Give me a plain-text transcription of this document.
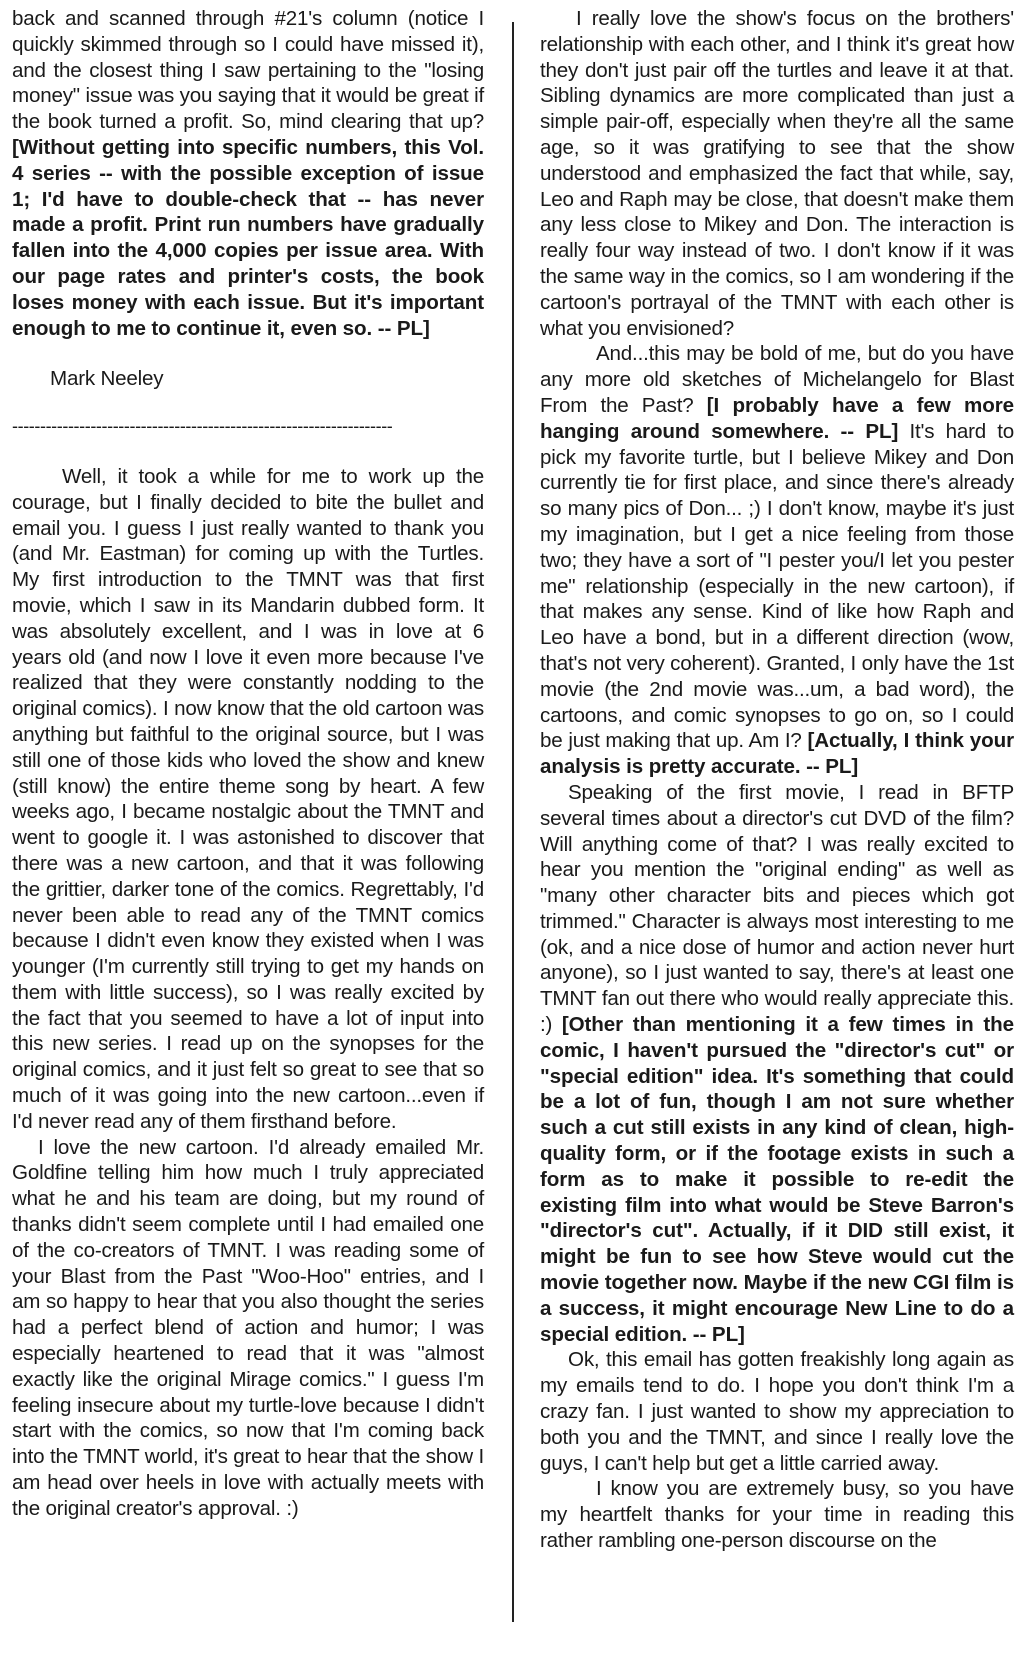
back and scanned through #21's column (notice I quickly skimmed through so I could have missed it), and the closest thing I saw pertaining to the "losing money" issue was you saying that it would be great if the book turned a profit. So, mind clearing that up? [Without getting into specific numbers, this Vol. 4 series -- with the possible exception of issue 1; I'd have to double-check that -- has never made a profit. Print run numbers have gradually fallen into the 4,000 copies per issue area. With our page rates and printer's costs, the book loses money with each issue. But it's important enough to me to continue it, even so. -- PL]

Mark Neeley

--------------------------------------------------------------------

Well, it took a while for me to work up the courage, but I finally decided to bite the bullet and email you. I guess I just really wanted to thank you (and Mr. Eastman) for coming up with the Turtles. My first introduction to the TMNT was that first movie, which I saw in its Mandarin dubbed form. It was absolutely excellent, and I was in love at 6 years old (and now I love it even more because I've realized that they were constantly nodding to the original comics). I now know that the old cartoon was anything but faithful to the original source, but I was still one of those kids who loved the show and knew (still know) the entire theme song by heart. A few weeks ago, I became nostalgic about the TMNT and went to google it. I was astonished to discover that there was a new cartoon, and that it was following the grittier, darker tone of the comics. Regrettably, I'd never been able to read any of the TMNT comics because I didn't even know they existed when I was younger (I'm currently still trying to get my hands on them with little success), so I was really excited by the fact that you seemed to have a lot of input into this new series. I read up on the synopses for the original comics, and it just felt so great to see that so much of it was going into the new cartoon...even if I'd never read any of them firsthand before.

I love the new cartoon. I'd already emailed Mr. Goldfine telling him how much I truly appreciated what he and his team are doing, but my round of thanks didn't seem complete until I had emailed one of the co-creators of TMNT. I was reading some of your Blast from the Past "Woo-Hoo" entries, and I am so happy to hear that you also thought the series had a perfect blend of action and humor; I was especially heartened to read that it was "almost exactly like the original Mirage comics." I guess I'm feeling insecure about my turtle-love because I didn't start with the comics, so now that I'm coming back into the TMNT world, it's great to hear that the show I am head over heels in love with actually meets with the original creator's approval. :)

I really love the show's focus on the brothers' relationship with each other, and I think it's great how they don't just pair off the turtles and leave it at that. Sibling dynamics are more complicated than just a simple pair-off, especially when they're all the same age, so it was gratifying to see that the show understood and emphasized the fact that while, say, Leo and Raph may be close, that doesn't make them any less close to Mikey and Don. The interaction is really four way instead of two. I don't know if it was the same way in the comics, so I am wondering if the cartoon's portrayal of the TMNT with each other is what you envisioned?

And...this may be bold of me, but do you have any more old sketches of Michelangelo for Blast From the Past? [I probably have a few more hanging around somewhere. -- PL] It's hard to pick my favorite turtle, but I believe Mikey and Don currently tie for first place, and since there's already so many pics of Don... ;) I don't know, maybe it's just my imagination, but I get a nice feeling from those two; they have a sort of "I pester you/I let you pester me" relationship (especially in the new cartoon), if that makes any sense. Kind of like how Raph and Leo have a bond, but in a different direction (wow, that's not very coherent). Granted, I only have the 1st movie (the 2nd movie was...um, a bad word), the cartoons, and comic synopses to go on, so I could be just making that up. Am I? [Actually, I think your analysis is pretty accurate. -- PL]

Speaking of the first movie, I read in BFTP several times about a director's cut DVD of the film? Will anything come of that? I was really excited to hear you mention the "original ending" as well as "many other character bits and pieces which got trimmed." Character is always most interesting to me (ok, and a nice dose of humor and action never hurt anyone), so I just wanted to say, there's at least one TMNT fan out there who would really appreciate this. :) [Other than mentioning it a few times in the comic, I haven't pursued the "director's cut" or "special edition" idea. It's something that could be a lot of fun, though I am not sure whether such a cut still exists in any kind of clean, high-quality form, or if the footage exists in such a form as to make it possible to re-edit the existing film into what would be Steve Barron's "director's cut". Actually, if it DID still exist, it might be fun to see how Steve would cut the movie together now. Maybe if the new CGI film is a success, it might encourage New Line to do a special edition. -- PL]

Ok, this email has gotten freakishly long again as my emails tend to do. I hope you don't think I'm a crazy fan. I just wanted to show my appreciation to both you and the TMNT, and since I really love the guys, I can't help but get a little carried away.

I know you are extremely busy, so you have my heartfelt thanks for your time in reading this rather rambling one-person discourse on the
